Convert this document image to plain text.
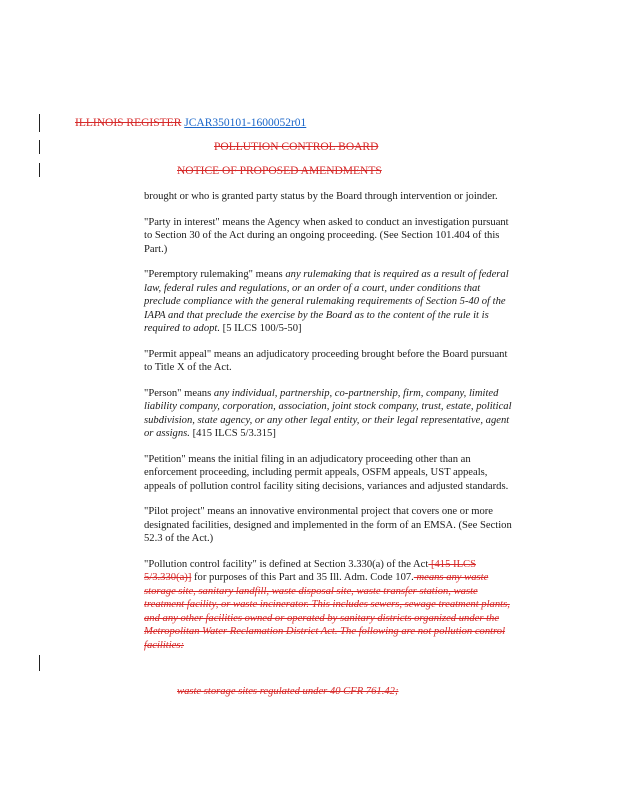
ILLINOIS REGISTER JCAR350101-1600052r01
POLLUTION CONTROL BOARD
NOTICE OF PROPOSED AMENDMENTS

brought or who is granted party status by the Board through intervention or joinder.

"Party in interest" means the Agency when asked to conduct an investigation pursuant to Section 30 of the Act during an ongoing proceeding. (See Section 101.404 of this Part.)

"Peremptory rulemaking" means any rulemaking that is required as a result of federal law, federal rules and regulations, or an order of a court, under conditions that preclude compliance with the general rulemaking requirements of Section 5-40 of the IAPA and that preclude the exercise by the Board as to the content of the rule it is required to adopt. [5 ILCS 100/5-50]

"Permit appeal" means an adjudicatory proceeding brought before the Board pursuant to Title X of the Act.

"Person" means any individual, partnership, co-partnership, firm, company, limited liability company, corporation, association, joint stock company, trust, estate, political subdivision, state agency, or any other legal entity, or their legal representative, agent or assigns. [415 ILCS 5/3.315]

"Petition" means the initial filing in an adjudicatory proceeding other than an enforcement proceeding, including permit appeals, OSFM appeals, UST appeals, appeals of pollution control facility siting decisions, variances and adjusted standards.

"Pilot project" means an innovative environmental project that covers one or more designated facilities, designed and implemented in the form of an EMSA. (See Section 52.3 of the Act.)

"Pollution control facility" is defined at Section 3.330(a) of the Act [415 ILCS 5/3.330(a)] for purposes of this Part and 35 Ill. Adm. Code 107. means any waste storage site, sanitary landfill, waste disposal site, waste transfer station, waste treatment facility, or waste incinerator. This includes sewers, sewage treatment plants, and any other facilities owned or operated by sanitary districts organized under the Metropolitan Water Reclamation District Act. The following are not pollution control facilities:

waste storage sites regulated under 40 CFR 761.42;
